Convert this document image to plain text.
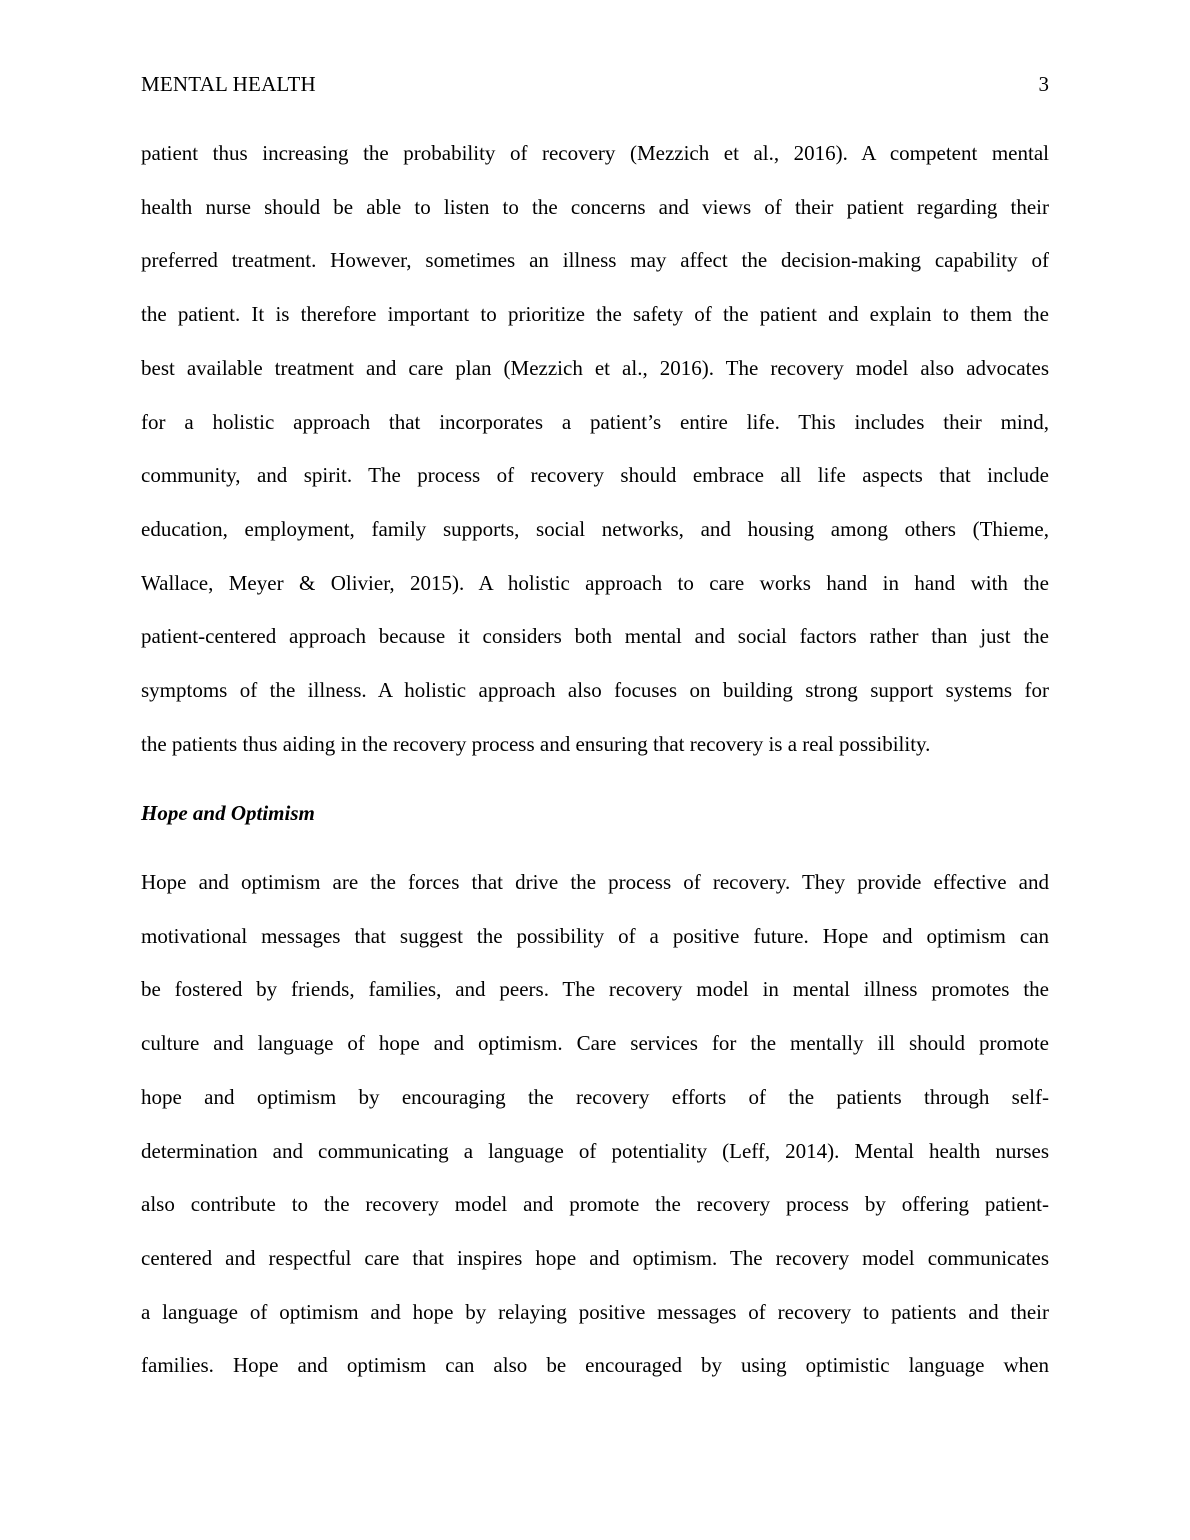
MENTAL HEALTH	3
patient thus increasing the probability of recovery (Mezzich et al., 2016). A competent mental
health nurse should be able to listen to the concerns and views of their patient regarding their
preferred treatment. However, sometimes an illness may affect the decision-making capability of
the patient. It is therefore important to prioritize the safety of the patient and explain to them the
best available treatment and care plan (Mezzich et al., 2016). The recovery model also advocates
for a holistic approach that incorporates a patient’s entire life. This includes their mind,
community, and spirit. The process of recovery should embrace all life aspects that include
education, employment, family supports, social networks, and housing among others (Thieme,
Wallace, Meyer & Olivier, 2015). A holistic approach to care works hand in hand with the
patient-centered approach because it considers both mental and social factors rather than just the
symptoms of the illness. A holistic approach also focuses on building strong support systems for
the patients thus aiding in the recovery process and ensuring that recovery is a real possibility.
Hope and Optimism
Hope and optimism are the forces that drive the process of recovery. They provide effective and
motivational messages that suggest the possibility of a positive future. Hope and optimism can
be fostered by friends, families, and peers. The recovery model in mental illness promotes the
culture and language of hope and optimism. Care services for the mentally ill should promote
hope and optimism by encouraging the recovery efforts of the patients through self-
determination and communicating a language of potentiality (Leff, 2014). Mental health nurses
also contribute to the recovery model and promote the recovery process by offering patient-
centered and respectful care that inspires hope and optimism. The recovery model communicates
a language of optimism and hope by relaying positive messages of recovery to patients and their
families. Hope and optimism can also be encouraged by using optimistic language when
